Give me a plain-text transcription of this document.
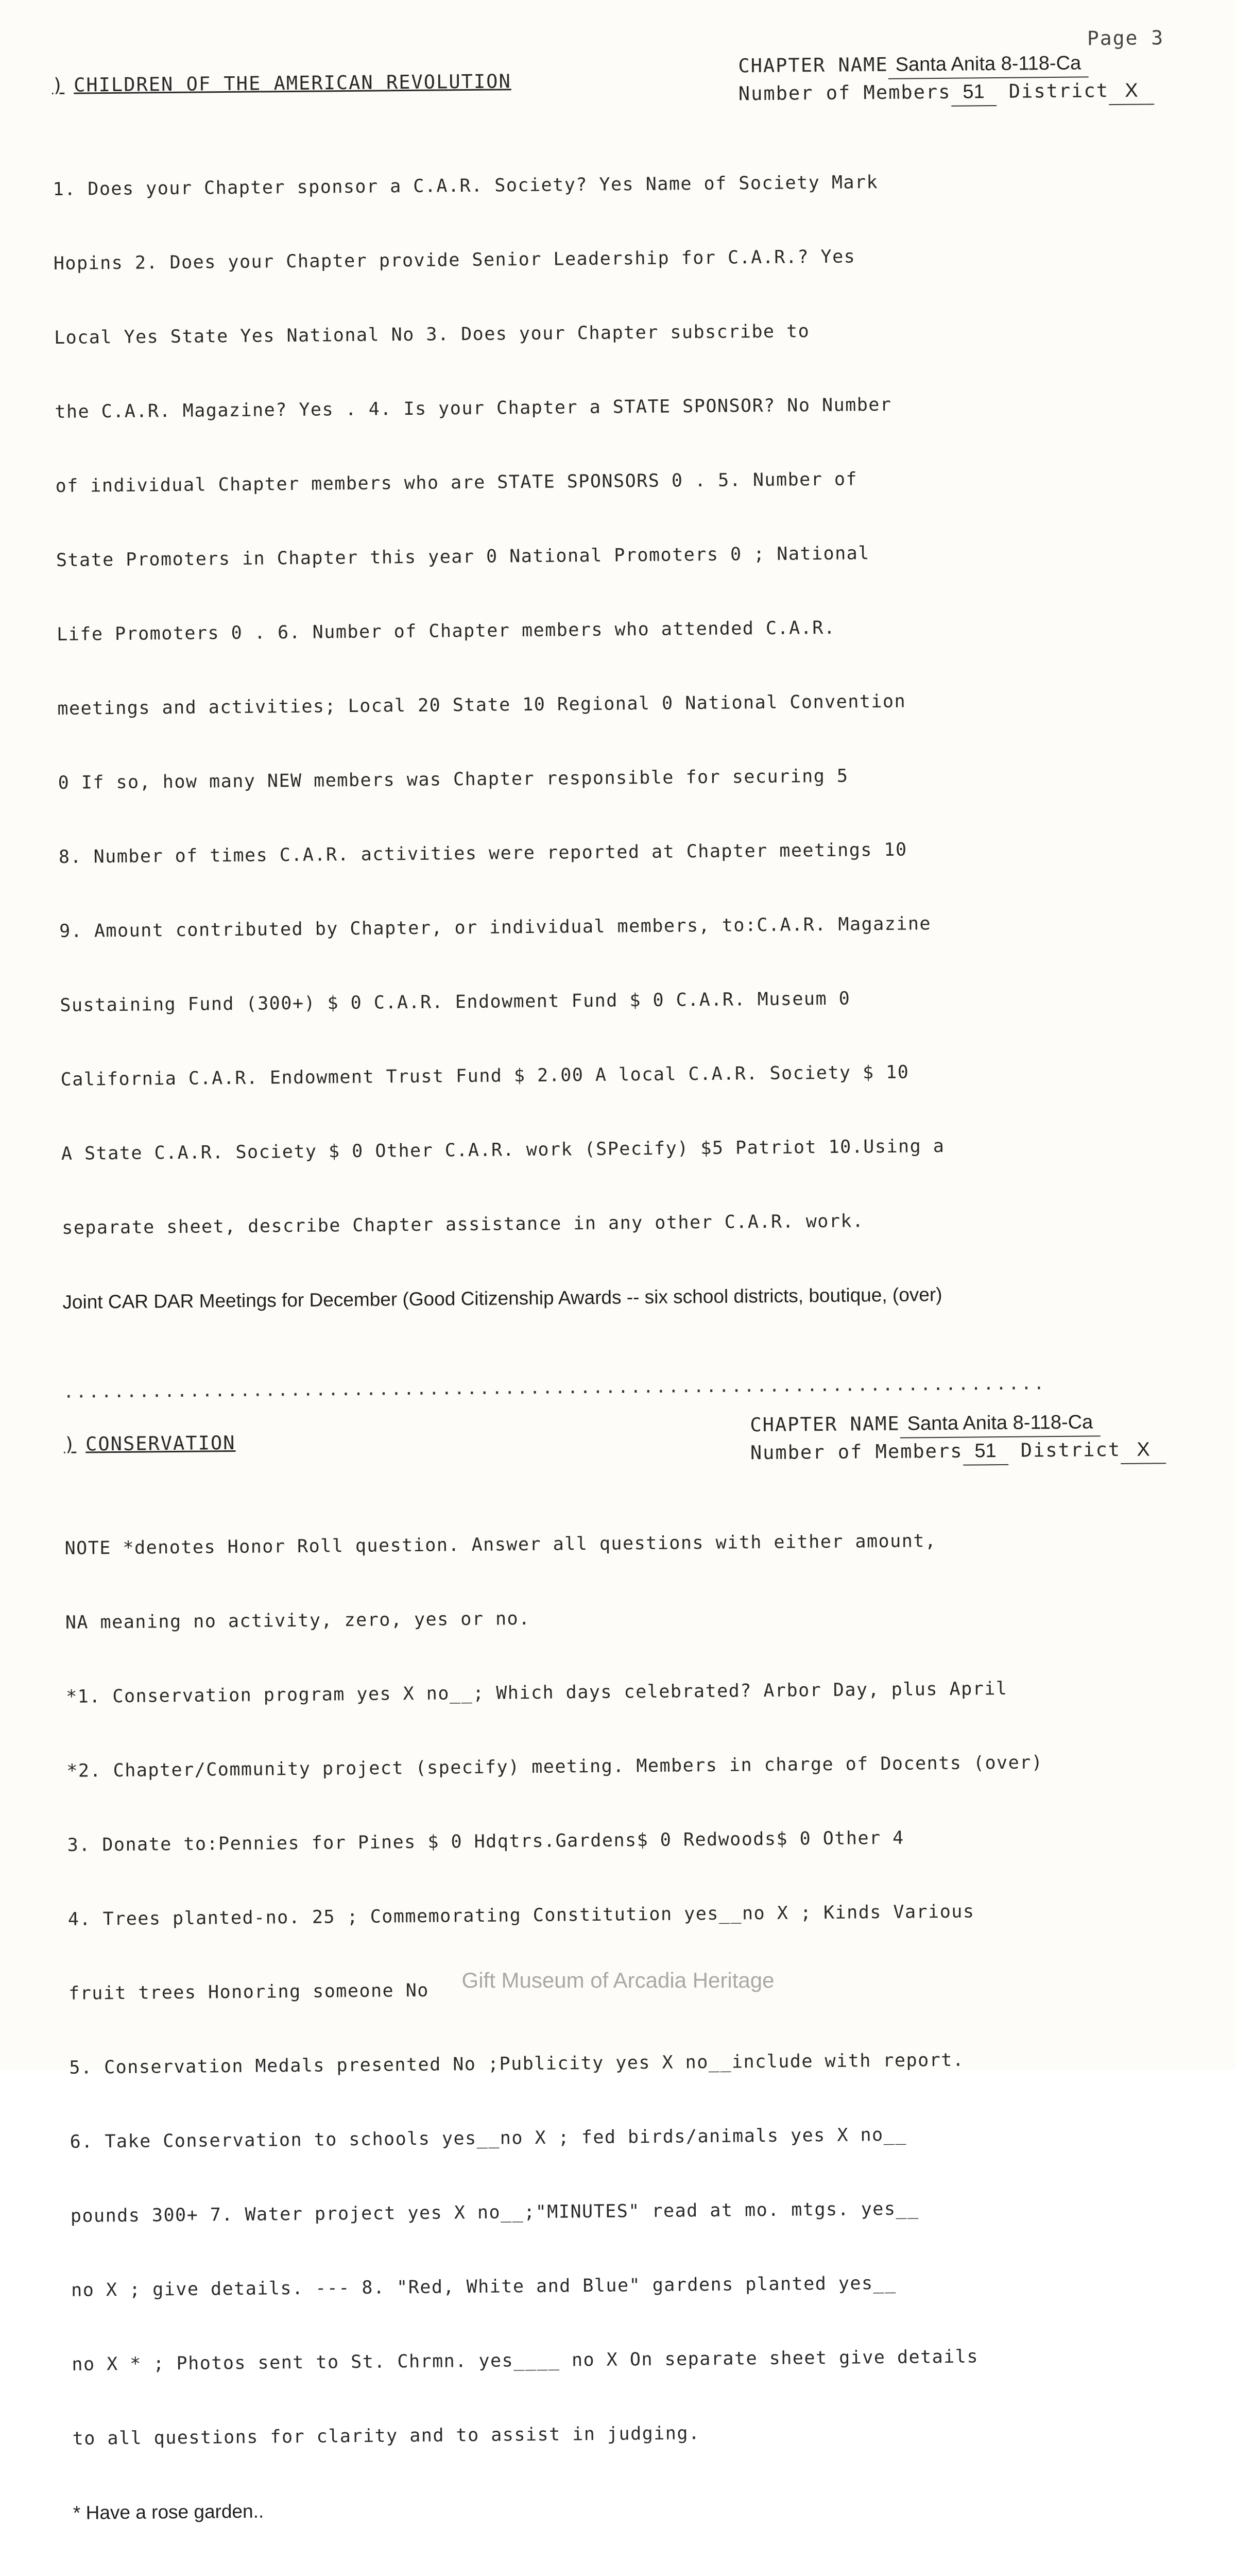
Page 3
) CHILDREN OF THE AMERICAN REVOLUTION
CHAPTER NAME Santa Anita 8-118-Ca
Number of Members 51 District X

1. Does your Chapter sponsor a C.A.R. Society? Yes Name of Society Mark

Hopins 2. Does your Chapter provide Senior Leadership for C.A.R.? Yes

Local Yes State Yes National No 3. Does your Chapter subscribe to

the C.A.R. Magazine? Yes . 4. Is your Chapter a STATE SPONSOR? No Number

of individual Chapter members who are STATE SPONSORS 0 . 5. Number of

State Promoters in Chapter this year 0 National Promoters 0 ; National

Life Promoters 0 . 6. Number of Chapter members who attended C.A.R.

meetings and activities; Local 20 State 10 Regional 0 National Convention

0 If so, how many NEW members was Chapter responsible for securing 5

8. Number of times C.A.R. activities were reported at Chapter meetings 10

9. Amount contributed by Chapter, or individual members, to:C.A.R. Magazine

Sustaining Fund (300+) $ 0 C.A.R. Endowment Fund $ 0 C.A.R. Museum 0

California C.A.R. Endowment Trust Fund $ 2.00 A local C.A.R. Society $ 10

A State C.A.R. Society $ 0 Other C.A.R. work (SPecify) $5 Patriot 10.Using a

separate sheet, describe Chapter assistance in any other C.A.R. work.

Joint CAR DAR Meetings for December (Good Citizenship Awards -- six school districts, boutique, (over)

..............................................................................
) CONSERVATION
CHAPTER NAME Santa Anita 8-118-Ca
Number of Members 51 District X

NOTE *denotes Honor Roll question. Answer all questions with either amount,

NA meaning no activity, zero, yes or no.

*1. Conservation program yes X no__; Which days celebrated? Arbor Day, plus April

*2. Chapter/Community project (specify) meeting. Members in charge of Docents (over)

3. Donate to:Pennies for Pines $ 0 Hdqtrs.Gardens$ 0 Redwoods$ 0 Other 4

4. Trees planted-no. 25 ; Commemorating Constitution yes__no X ; Kinds Various

fruit trees Honoring someone No

5. Conservation Medals presented No ;Publicity yes X no__include with report.

6. Take Conservation to schools yes__no X ; fed birds/animals yes X no__

pounds 300+ 7. Water project yes X no__;"MINUTES" read at mo. mtgs. yes__

no X ; give details. --- 8. "Red, White and Blue" gardens planted yes__

no X * ; Photos sent to St. Chrmn. yes____ no X On separate sheet give details

to all questions for clarity and to assist in judging.

* Have a rose garden..

Gift Museum of Arcadia Heritage
